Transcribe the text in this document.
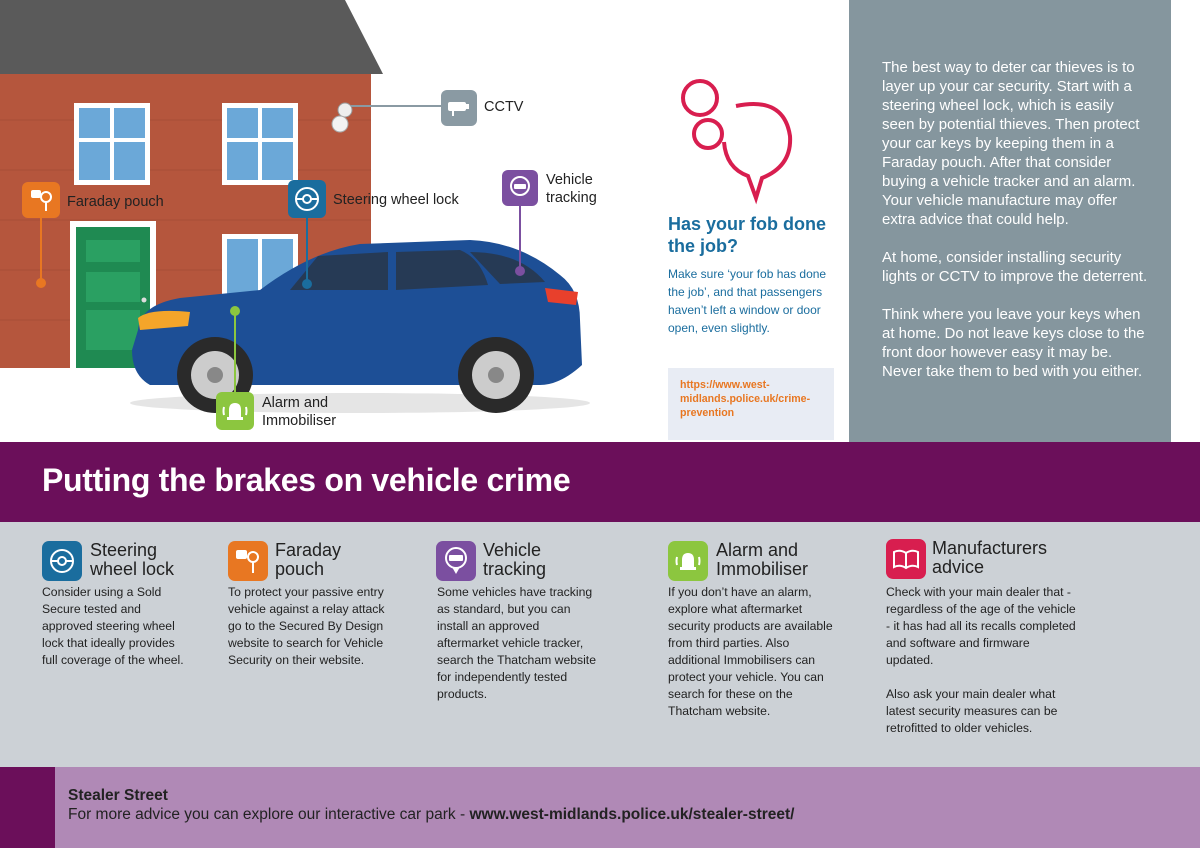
CCTV
Faraday pouch	Steering wheel lock
Vehicle
tracking
Alarm and
Immobiliser
Has your fob done the job?
Make sure ‘your fob has done the job’, and that passengers haven’t left a window or door open, even slightly.
https://www.west-midlands.police.uk/crime-prevention

The best way to deter car thieves is to layer up your car security. Start with a steering wheel lock, which is easily seen by potential thieves. Then protect your car keys by keeping them in a Faraday pouch. After that consider buying a vehicle tracker and an alarm. Your vehicle manufacture may offer extra advice that could help.

At home, consider installing security lights or CCTV to improve the deterrent.

Think where you leave your keys when at home. Do not leave keys close to the front door however easy it may be. Never take them to bed with you either.

Putting the brakes on vehicle crime
Steering
wheel lock
Consider using a Sold Secure tested and approved steering wheel lock that ideally provides full coverage of the wheel.
Faraday
pouch
To protect your passive entry vehicle against a relay attack go to the Secured By Design website to search for Vehicle Security on their website.
Vehicle
tracking
Some vehicles have tracking as standard, but you can install an approved aftermarket vehicle tracker, search the Thatcham website for independently tested products.
Alarm and
Immobiliser
If you don’t have an alarm, explore what aftermarket security products are available from third parties. Also additional Immobilisers can protect your vehicle. You can search for these on the Thatcham website.
Manufacturers
advice
Check with your main dealer that - regardless of the age of the vehicle - it has had all its recalls completed and software and firmware updated.
Also ask your main dealer what latest security measures can be retrofitted to older vehicles.
Stealer Street
For more advice you can explore our interactive car park - www.west-midlands.police.uk/stealer-street/
